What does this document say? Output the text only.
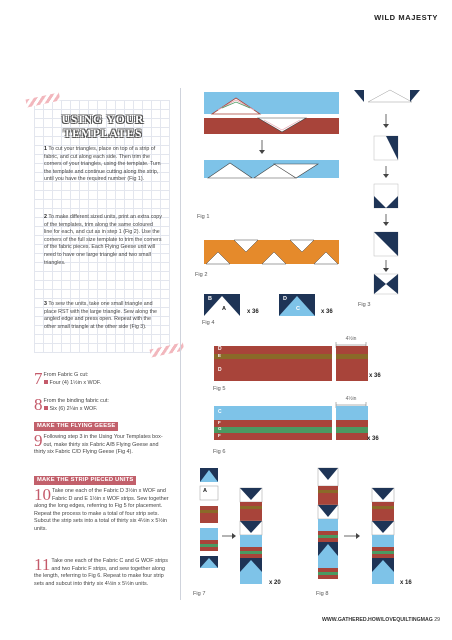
WILD MAJESTY
USING YOUR
TEMPLATES
1 To cut your triangles, place on top of a strip of fabric, and cut along each side. Then trim the corners of your triangles, using the template. Turn the template and continue cutting along the strip, until you have the required number (Fig 1).
2 To make different sized units, print an extra copy of the templates, trim along the same coloured line for each, and cut as in step 1 (Fig 2). Use the corners of the full size template to trim the corners of the fabric pieces. Each Flying Geese unit will need to have one large triangle and two small triangles.
3 To sew the units, take one small triangle and place RST with the large triangle. Sew along the angled edge and press open. Repeat with the other small triangle at the other side (Fig 3).
7 From Fabric G cut:
Four (4) 1½in x WOF.
8 From the binding fabric cut:
Six (6) 2¼in x WOF.
MAKE THE FLYING GEESE
9 Following step 3 in the Using Your Templates box-out, make thirty six Fabric A/B Flying Geese and thirty six Fabric C/D Flying Geese (Fig 4).
MAKE THE STRIP PIECED UNITS
10 Take one each of the Fabric D 3½in x WOF and Fabric D and E 1½in x WOF strips. Sew together along the long edges, referring to Fig 5 for placement. Repeat the process to make a total of four strip sets. Subcut the strip sets into a total of thirty six 4½in x 5½in units.
11 Take one each of the Fabric C and G WOF strips and two Fabric F strips, and sew together along the length, referring to Fig 6. Repeat to make four strip sets and subcut into thirty six 4½in x 5½in units.
Fig 1
Fig 2
Fig 3
B
A	x 36
D
C	x 36
Fig 4
4½in
D
E
D
x 36
Fig 5
4½in
C
F
G
F
x 36
Fig 6
A
x 20
Fig 7
x 16
Fig 8
WWW.GATHERED.HOW/LOVEQUILTINGMAG 29
